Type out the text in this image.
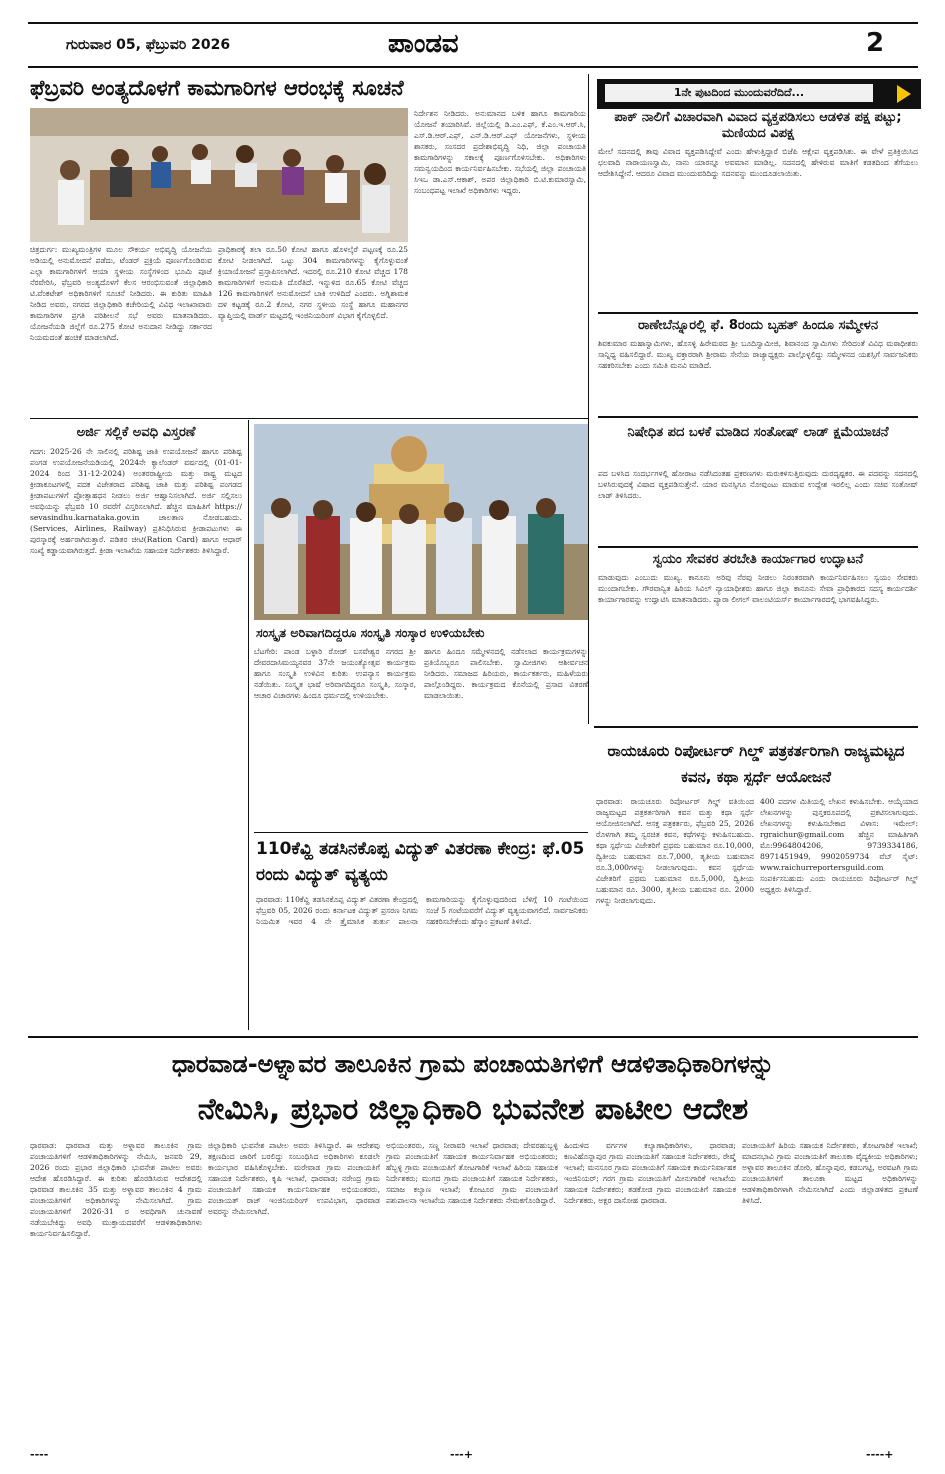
ಗುರುವಾರ 05, ಫೆಬ್ರುವರಿ 2026	ಪಾಂಡವ	2
ಫೆಬ್ರವರಿ ಅಂತ್ಯದೊಳಗೆ ಕಾಮಗಾರಿಗಳ ಆರಂಭಕ್ಕೆ ಸೂಚನೆ

ಚಿತ್ರದುರ್ಗ: ಮುಖ್ಯಮಂತ್ರಿಗಳ ಮೂಲ ಸೌಕರ್ಯ ಅಭಿವೃದ್ಧಿ ಯೋಜನೆಯ ಅಡಿಯಲ್ಲಿ ಅನುಮೋದನೆ ಪಡೆದು, ಟೆಂಡರ್ ಪ್ರಕ್ರಿಯೆ ಪೂರ್ಣಗೊಂಡಿರುವ ಎಲ್ಲಾ ಕಾಮಗಾರಿಗಳಿಗೆ ಆಯಾ ಸ್ಥಳೀಯ ಸಂಸ್ಥೆಗಳಿಂದ ಭೂಮಿ ಪೂಜೆ ನೆರವೇರಿಸಿ, ಫೆಬ್ರವರಿ ಅಂತ್ಯದೊಳಗೆ ಕೆಲಸ ಆರಂಭಿಸುವಂತೆ ಜಿಲ್ಲಾಧಿಕಾರಿ ಟಿ.ವೆಂಕಟೇಶ್ ಅಧಿಕಾರಿಗಳಿಗೆ ಸೂಚನೆ ನೀಡಿದರು. ಈ ಕುರಿತು ಮಾಹಿತಿ ನೀಡಿದ ಅವರು, ನಗರದ ಜಿಲ್ಲಾಧಿಕಾರಿ ಕಚೇರಿಯಲ್ಲಿ ವಿವಿಧ ಇಲಾಖಾವಾರು ಕಾಮಗಾರಿಗಳ ಪ್ರಗತಿ ಪರಿಶೀಲನೆ ಸಭೆ ಅವರು ಮಾತನಾಡಿದರು. ಯೋಜನೆಯಡಿ ಜಿಲ್ಲೆಗೆ ರೂ.275 ಕೋಟಿ ಅನುದಾನ ನೀಡಿದ್ದು ಸರ್ಕಾರದ ನಿಯಮದಂತೆ ಹಂಚಿಕೆ ಮಾಡಲಾಗಿದೆ.

ಪ್ರಾಧಿಕಾರಕ್ಕೆ ತಲಾ ರೂ.50 ಕೋಟಿ ಹಾಗೂ ಹೊಳಲ್ಕೆರೆ ಪಟ್ಟಣಕ್ಕೆ ರೂ.25 ಕೋಟಿ ನೀಡಲಾಗಿದೆ. ಒಟ್ಟು 304 ಕಾಮಗಾರಿಗಳನ್ನು ಕೈಗೊಳ್ಳುವಂತೆ ಕ್ರಿಯಾಯೋಜನೆ ಪ್ರಸ್ತಾಪಿಸಲಾಗಿದೆ. ಇದರಲ್ಲಿ ರೂ.210 ಕೋಟಿ ವೆಚ್ಚದ 178 ಕಾಮಗಾರಿಗಳಿಗೆ ಅನುಮತಿ ದೊರೆತಿದೆ. ಇನ್ನುಳಿದ ರೂ.65 ಕೋಟಿ ವೆಚ್ಚದ 126 ಕಾಮಗಾರಿಗಳಿಗೆ ಅನುಮೋದನೆ ಬಾಕಿ ಉಳಿದಿದೆ ಎಂದರು. ಅಗ್ನಿಶಾಮಕ ದಳ ಕಟ್ಟಡಕ್ಕೆ ರೂ.2 ಕೋಟಿ, ನಗರ ಸ್ಥಳೀಯ ಸಂಸ್ಥೆ ಹಾಗೂ ಮಹಾನಗರ ವ್ಯಾಪ್ತಿಯಲ್ಲಿ ವಾರ್ಡ್ ಮಟ್ಟದಲ್ಲಿ ಇಂಜಿನಿಯರಿಂಗ್ ವಿಭಾಗ ಕೈಗೊಳ್ಳಲಿದೆ.

ನಿರ್ದೇಶನ ನೀಡಿದರು. ಅನುಮಾನದ ಬಳಿಕ ಹಾಗೂ ಕಾಮಗಾರಿಯ ಯೋಜನೆ ತಯಾರಿಸಿವೆ. ಜಿಲ್ಲೆಯಲ್ಲಿ ಡಿ.ಎಂ.ಎಫ್, ಕೆ.ಎಂ.ಇ.ಆರ್.ಸಿ, ಎಸ್.ಡಿ.ಆರ್.ಎಫ್, ಎನ್.ಡಿ.ಆರ್.ಎಫ್ ಯೋಜನೆಗಳು, ಸ್ಥಳೀಯ ಶಾಸಕರು, ಸಂಸದರ ಪ್ರದೇಶಾಭಿವೃದ್ಧಿ ನಿಧಿ, ಜಿಲ್ಲಾ ಪಂಚಾಯತಿ ಕಾಮಗಾರಿಗಳನ್ನು ಸಕಾಲಕ್ಕೆ ಪೂರ್ಣಗೊಳಿಸಬೇಕು. ಅಧಿಕಾರಿಗಳು ಸಮನ್ವಯದಿಂದ ಕಾರ್ಯನಿರ್ವಹಿಸಬೇಕು. ಸಭೆಯಲ್ಲಿ ಜಿಲ್ಲಾ ಪಂಚಾಯತಿ ಸಿಇಒ ಡಾ.ಎಸ್.ಆಕಾಶ್, ಅಪರ ಜಿಲ್ಲಾಧಿಕಾರಿ ಬಿ.ಟಿ.ಕುಮಾರಸ್ವಾಮಿ, ಸಂಬಂಧಪಟ್ಟ ಇಲಾಖೆ ಅಧಿಕಾರಿಗಳು ಇದ್ದರು.

1ನೇ ಪುಟದಿಂದ ಮುಂದುವರೆದಿದೆ...
ಪಾಕ್ ನಾಲಿಗೆ ವಿಚಾರವಾಗಿ ವಿವಾದ ವ್ಯಕ್ತಪಡಿಸಲು ಆಡಳಿತ ಪಕ್ಷ ಪಟ್ಟು; ಮಣಿಯದ ವಿಪಕ್ಷ

ಮೇಲೆ ಸದನದಲ್ಲಿ ತಾವು ವಿವಾದ ವ್ಯಕ್ತಪಡಿಸಿದ್ದೇವೆ ಎಂದು ಹೇಳುತ್ತಿದ್ದಾರೆ ಬಿಜೆಪಿ ಆಕ್ಷೇಪ ವ್ಯಕ್ತಪಡಿಸಿತು. ಈ ವೇಳೆ ಪ್ರತಿಕ್ರಿಯಿಸಿದ ಛಲವಾದಿ ನಾರಾಯಣಸ್ವಾಮಿ, ನಾನು ಯಾರನ್ನೂ ಅವಮಾನ ಮಾಡಿಲ್ಲ. ಸದನದಲ್ಲಿ ಹೇಳಿರುವ ಮಾತಿಗೆ ಕಡತದಿಂದ ತೆಗೆಯಲು ಆದೇಶಿಸಿದ್ದೇನೆ. ಆದರೂ ವಿವಾದ ಮುಂದುವರಿದಿದ್ದು ಸದನವನ್ನು ಮುಂದೂಡಲಾಯಿತು.

ರಾಣೇಬೆನ್ನೂರಲ್ಲಿ ಫೆ. 8ರಂದು ಬೃಹತ್ ಹಿಂದೂ ಸಮ್ಮೇಳನ

ಶಿವಕುಮಾರ ಮಹಾಸ್ವಾಮಿಗಳು, ಹೊಸಳ್ಳಿ ಹಿರೇಮಠದ ಶ್ರೀ ಬೂದಿಸ್ವಾಮೀಜಿ, ಶಿವಾನಂದ ಸ್ವಾಮಿಗಳು ಸೇರಿದಂತೆ ವಿವಿಧ ಮಠಾಧೀಶರು ಸಾನ್ನಿಧ್ಯ ವಹಿಸಲಿದ್ದಾರೆ. ಮುಖ್ಯ ವಕ್ತಾರರಾಗಿ ಶ್ರೀರಾಮ ಸೇನೆಯ ರಾಜ್ಯಾಧ್ಯಕ್ಷರು ಪಾಲ್ಗೊಳ್ಳಲಿದ್ದು ಸಮ್ಮೇಳನದ ಯಶಸ್ಸಿಗೆ ಸಾರ್ವಜನಿಕರು ಸಹಕರಿಸಬೇಕು ಎಂದು ಸಮಿತಿ ಮನವಿ ಮಾಡಿದೆ.

ನಿಷೇಧಿತ ಪದ ಬಳಕೆ ಮಾಡಿದ ಸಂತೋಷ್ ಲಾಡ್ ಕ್ಷಮೆಯಾಚನೆ

ಪದ ಬಳಸಿದ ಸಂದರ್ಭಗಳಲ್ಲಿ ಹೋರಾಟ ನಡೆಸಿದಂತಹ ಪ್ರಕರಣಗಳು ಮರುಕಳಿಸುತ್ತಿರುವುದು ದುರದೃಷ್ಟಕರ. ಈ ಪದವನ್ನು ಸದನದಲ್ಲಿ ಬಳಸಿರುವುದಕ್ಕೆ ವಿಷಾದ ವ್ಯಕ್ತಪಡಿಸುತ್ತೇನೆ. ಯಾರ ಮನಸ್ಸಿಗೂ ನೋವುಂಟು ಮಾಡುವ ಉದ್ದೇಶ ಇರಲಿಲ್ಲ ಎಂದು ಸಚಿವ ಸಂತೋಷ್ ಲಾಡ್ ತಿಳಿಸಿದರು.

ಸ್ವಯಂ ಸೇವಕರ ತರಬೇತಿ ಕಾರ್ಯಾಗಾರ ಉದ್ಘಾಟನೆ

ಮಾಡುವುದು ಎಂಬುದು ಮುಖ್ಯ. ಕಾನೂನು ಅರಿವು ನೆರವು ನೀಡಲು ನಿರಂತರವಾಗಿ ಕಾರ್ಯನಿರ್ವಹಿಸಲು ಸ್ವಯಂ ಸೇವಕರು ಮುಂದಾಗಬೇಕು. ಗೌರವಾನ್ವಿತ ಹಿರಿಯ ಸಿವಿಲ್ ನ್ಯಾಯಾಧೀಶರು ಹಾಗೂ ಜಿಲ್ಲಾ ಕಾನೂನು ಸೇವಾ ಪ್ರಾಧಿಕಾರದ ಸದಸ್ಯ ಕಾರ್ಯದರ್ಶಿ ಕಾರ್ಯಾಗಾರವನ್ನು ಉದ್ಘಾಟಿಸಿ ಮಾತನಾಡಿದರು. ಪ್ಯಾರಾ ಲೀಗಲ್ ವಾಲಂಟಿಯರ್ಸ್ ಕಾರ್ಯಾಗಾರದಲ್ಲಿ ಭಾಗವಹಿಸಿದ್ದರು.

ಅರ್ಜಿ ಸಲ್ಲಿಕೆ ಅವಧಿ ವಿಸ್ತರಣೆ

ಗದಗ: 2025-26 ನೇ ಸಾಲಿನಲ್ಲಿ ಪರಿಶಿಷ್ಟ ಜಾತಿ ಉಪಯೋಜನೆ ಹಾಗೂ ಪರಿಶಿಷ್ಟ ಪಂಗಡ ಉಪಯೋಜನೆಯಡಿಯಲ್ಲಿ 2024ನೇ ಕ್ಯಾಲೆಂಡರ್ ವರ್ಷದಲ್ಲಿ (01-01-2024 ರಿಂದ 31-12-2024) ಅಂತರರಾಷ್ಟ್ರೀಯ ಮತ್ತು ರಾಷ್ಟ್ರ ಮಟ್ಟದ ಕ್ರೀಡಾಕೂಟಗಳಲ್ಲಿ ಪದಕ ವಿಜೇತರಾದ ಪರಿಶಿಷ್ಟ ಜಾತಿ ಮತ್ತು ಪರಿಶಿಷ್ಟ ಪಂಗಡದ ಕ್ರೀಡಾಪಟುಗಳಿಗೆ ಪ್ರೋತ್ಸಾಹಧನ ನೀಡಲು ಅರ್ಜಿ ಆಹ್ವಾನಿಸಲಾಗಿದೆ. ಅರ್ಜಿ ಸಲ್ಲಿಸಲು ಅವಧಿಯನ್ನು ಫೆಬ್ರವರಿ 10 ರವರೆಗೆ ವಿಸ್ತರಿಸಲಾಗಿದೆ. ಹೆಚ್ಚಿನ ಮಾಹಿತಿಗೆ https:// sevasindhu.karnataka.gov.in ಜಾಲತಾಣ ನೋಡಬಹುದು. (Services, Airlines, Railway) ಪ್ರತಿನಿಧಿಸಿರುವ ಕ್ರೀಡಾಪಟುಗಳು ಈ ಪುರಸ್ಕಾರಕ್ಕೆ ಅರ್ಹರಾಗಿರುತ್ತಾರೆ. ಪಡಿತರ ಚೀಟಿ(Ration Card) ಹಾಗೂ ಆಧಾರ್ ಸಂಖ್ಯೆ ಕಡ್ಡಾಯವಾಗಿರುತ್ತದೆ. ಕ್ರೀಡಾ ಇಲಾಖೆಯ ಸಹಾಯಕ ನಿರ್ದೇಶಕರು ತಿಳಿಸಿದ್ದಾರೆ.

ಸಂಸ್ಕೃತ ಅರಿವಾಗದಿದ್ದರೂ ಸಂಸ್ಕೃತಿ ಸಂಸ್ಕಾರ ಉಳಿಯಬೇಕು

ಬೆಟಗೇರಿ: ಪಾಂಡ ಬಳ್ಳಾರಿ ರೋಡ್ ಬಸವೇಶ್ವರ ನಗರದ ಶ್ರೀ ದೇವರದಾಸಿಮಯ್ಯನವರ 37ನೇ ಜಯಂತ್ಯೋತ್ಸವ ಕಾರ್ಯಕ್ರಮ ಹಾಗೂ ಸಂಸ್ಕೃತಿ ಉಳಿವಿನ ಕುರಿತು ಉಪನ್ಯಾಸ ಕಾರ್ಯಕ್ರಮ ನಡೆಯಿತು. ಸಂಸ್ಕೃತ ಭಾಷೆ ಅರಿವಾಗದಿದ್ದರೂ ಸಂಸ್ಕೃತಿ, ಸಂಸ್ಕಾರ, ಆಚಾರ ವಿಚಾರಗಳು ಹಿಂದೂ ಧರ್ಮದಲ್ಲಿ ಉಳಿಯಬೇಕು.

ಹಾಗೂ ಹಿಂದೂ ಸಮ್ಮೇಳನದಲ್ಲಿ ನಡೆಸಲಾದ ಕಾರ್ಯಕ್ರಮಗಳನ್ನು ಪ್ರತಿಯೊಬ್ಬರೂ ಪಾಲಿಸಬೇಕು. ಸ್ವಾಮೀಜಿಗಳು ಆಶೀರ್ವಚನ ನೀಡಿದರು. ಸಮಾಜದ ಹಿರಿಯರು, ಕಾರ್ಯಕರ್ತರು, ಮಹಿಳೆಯರು ಪಾಲ್ಗೊಂಡಿದ್ದರು. ಕಾರ್ಯಕ್ರಮದ ಕೊನೆಯಲ್ಲಿ ಪ್ರಸಾದ ವಿತರಣೆ ಮಾಡಲಾಯಿತು.

110ಕೆವ್ಹಿ ತಡಸಿನಕೊಪ್ಪ ವಿದ್ಯುತ್ ವಿತರಣಾ ಕೇಂದ್ರ: ಫೆ.05 ರಂದು ವಿದ್ಯುತ್ ವ್ಯತ್ಯಯ

ಧಾರವಾಡ: 110ಕೆವ್ಹಿ ತಡಸಿನಕೊಪ್ಪ ವಿದ್ಯುತ್ ವಿತರಣಾ ಕೇಂದ್ರದಲ್ಲಿ ಫೆಬ್ರವರಿ 05, 2026 ರಂದು ಕರ್ನಾಟಕ ವಿದ್ಯುತ್ ಪ್ರಸರಣ ನಿಗಮ ನಿಯಮಿತ ಇವರ 4 ನೇ ತ್ರೈಮಾಸಿಕ ತುರ್ತು ಪಾಲನಾ ಕಾಮಗಾರಿಯನ್ನು ಕೈಗೊಳ್ಳುವುದರಿಂದ ಬೆಳಿಗ್ಗೆ 10 ಗಂಟೆಯಿಂದ ಸಂಜೆ 5 ಗಂಟೆಯವರೆಗೆ ವಿದ್ಯುತ್ ವ್ಯತ್ಯಯವಾಗಲಿದೆ. ಸಾರ್ವಜನಿಕರು ಸಹಕರಿಸಬೇಕೆಂದು ಹೆಸ್ಕಾಂ ಪ್ರಕಟಣೆ ತಿಳಿಸಿದೆ.

ರಾಯಚೂರು ರಿಪೋರ್ಟರ್ ಗಿಲ್ಡ್ ಪತ್ರಕರ್ತರಿಗಾಗಿ ರಾಜ್ಯಮಟ್ಟದ ಕವನ, ಕಥಾ ಸ್ಪರ್ಧೆ ಆಯೋಜನೆ

ಧಾರವಾಡ: ರಾಯಚೂರು ರಿಪೋರ್ಟರ್ ಗಿಲ್ಡ್ ವತಿಯಿಂದ ರಾಜ್ಯಮಟ್ಟದ ಪತ್ರಕರ್ತರಿಗಾಗಿ ಕವನ ಮತ್ತು ಕಥಾ ಸ್ಪರ್ಧೆ ಆಯೋಜಿಸಲಾಗಿದೆ. ಆಸಕ್ತ ಪತ್ರಕರ್ತರು, ಫೆಬ್ರವರಿ 25, 2026 ರೊಳಗಾಗಿ ತಮ್ಮ ಸ್ವರಚಿತ ಕವನ, ಕಥೆಗಳನ್ನು ಕಳುಹಿಸಬಹುದು. ಕಥಾ ಸ್ಪರ್ಧೆಯ ವಿಜೇತರಿಗೆ ಪ್ರಥಮ ಬಹುಮಾನ ರೂ.10,000, ದ್ವಿತೀಯ ಬಹುಮಾನ ರೂ.7,000, ತೃತೀಯ ಬಹುಮಾನ ರೂ.3,000ಗಳನ್ನು ನೀಡಲಾಗುವುದು. ಕವನ ಸ್ಪರ್ಧೆಯ ವಿಜೇತರಿಗೆ ಪ್ರಥಮ ಬಹುಮಾನ ರೂ.5,000, ದ್ವಿತೀಯ ಬಹುಮಾನ ರೂ. 3000, ತೃತೀಯ ಬಹುಮಾನ ರೂ. 2000 ಗಳನ್ನು ನೀಡಲಾಗುವುದು.

400 ಪದಗಳ ಮಿತಿಯಲ್ಲಿ ಲೇಖನ ಕಳುಹಿಸಬೇಕು. ಆಯ್ಕೆಯಾದ ಲೇಖನಗಳನ್ನು ಪುಸ್ತಕರೂಪದಲ್ಲಿ ಪ್ರಕಟಿಸಲಾಗುವುದು. ಲೇಖನಗಳನ್ನು ಕಳುಹಿಸಬೇಕಾದ ವಿಳಾಸ: ಇಮೇಲ್: rgraichur@gmail.com ಹೆಚ್ಚಿನ ಮಾಹಿತಿಗಾಗಿ ಮೊ:9964804206, 9739334186, 8971451949, 9902059734 ವೆಬ್ ಸೈಟ್: www.raichurreportersguild.com ಸಂಪರ್ಕಿಸಬಹುದು ಎಂದು ರಾಯಚೂರು ರಿಪೋರ್ಟರ್ ಗಿಲ್ಡ್ ಅಧ್ಯಕ್ಷರು ತಿಳಿಸಿದ್ದಾರೆ.

ಧಾರವಾಡ-ಅಳ್ನಾವರ ತಾಲೂಕಿನ ಗ್ರಾಮ ಪಂಚಾಯತಿಗಳಿಗೆ ಆಡಳಿತಾಧಿಕಾರಿಗಳನ್ನು
ನೇಮಿಸಿ, ಪ್ರಭಾರ ಜಿಲ್ಲಾಧಿಕಾರಿ ಭುವನೇಶ ಪಾಟೀಲ ಆದೇಶ

ಧಾರವಾಡ: ಧಾರವಾಡ ಮತ್ತು ಅಳ್ನಾವರ ತಾಲೂಕಿನ ಗ್ರಾಮ ಪಂಚಾಯತಿಗಳಿಗೆ ಆಡಳಿತಾಧಿಕಾರಿಗಳನ್ನು ನೇಮಿಸಿ, ಜನವರಿ 29, 2026 ರಂದು ಪ್ರಭಾರ ಜಿಲ್ಲಾಧಿಕಾರಿ ಭುವನೇಶ ಪಾಟೀಲ ಅವರು ಆದೇಶ ಹೊರಡಿಸಿದ್ದಾರೆ. ಈ ಕುರಿತು ಹೊರಡಿಸಿರುವ ಆದೇಶದಲ್ಲಿ ಧಾರವಾಡ ತಾಲೂಕಿನ 35 ಮತ್ತು ಅಳ್ನಾವರ ತಾಲೂಕಿನ 4 ಗ್ರಾಮ ಪಂಚಾಯತಿಗಳಿಗೆ ಅಧಿಕಾರಿಗಳನ್ನು ನೇಮಿಸಲಾಗಿದೆ. ಗ್ರಾಮ ಪಂಚಾಯತಿಗಳಿಗೆ 2026-31 ರ ಅವಧಿಗಾಗಿ ಚುನಾವಣೆ ನಡೆಯಬೇಕಿದ್ದು ಅವಧಿ ಮುಕ್ತಾಯದವರೆಗೆ ಆಡಳಿತಾಧಿಕಾರಿಗಳು ಕಾರ್ಯನಿರ್ವಹಿಸಲಿದ್ದಾರೆ.

ಜಿಲ್ಲಾಧಿಕಾರಿ ಭುವನೇಶ ಪಾಟೀಲ ಅವರು ತಿಳಿಸಿದ್ದಾರೆ. ಈ ಆದೇಶವು ತಕ್ಷಣದಿಂದ ಜಾರಿಗೆ ಬರಲಿದ್ದು ಸಂಬಂಧಿಸಿದ ಅಧಿಕಾರಿಗಳು ಕೂಡಲೇ ಕಾರ್ಯಭಾರ ವಹಿಸಿಕೊಳ್ಳಬೇಕು. ಮರೇವಾಡ ಗ್ರಾಮ ಪಂಚಾಯತಿಗೆ ಸಹಾಯಕ ನಿರ್ದೇಶಕರು, ಕೃಷಿ ಇಲಾಖೆ, ಧಾರವಾಡ; ನರೇಂದ್ರ ಗ್ರಾಮ ಪಂಚಾಯತಿಗೆ ಸಹಾಯಕ ಕಾರ್ಯನಿರ್ವಾಹಕ ಅಭಿಯಂತರರು, ಪಂಚಾಯತ್ ರಾಜ್ ಇಂಜಿನಿಯರಿಂಗ್ ಉಪವಿಭಾಗ, ಧಾರವಾಡ ಅವರನ್ನು ನೇಮಿಸಲಾಗಿದೆ.

ಅಭಿಯಂತರರು, ಸಣ್ಣ ನೀರಾವರಿ ಇಲಾಖೆ ಧಾರವಾಡ; ದೇವರಹುಬ್ಬಳ್ಳಿ ಗ್ರಾಮ ಪಂಚಾಯತಿಗೆ ಸಹಾಯಕ ಕಾರ್ಯನಿರ್ವಾಹಕ ಅಭಿಯಂತರರು; ಹೆಬ್ಬಳ್ಳಿ ಗ್ರಾಮ ಪಂಚಾಯತಿಗೆ ತೋಟಗಾರಿಕೆ ಇಲಾಖೆ ಹಿರಿಯ ಸಹಾಯಕ ನಿರ್ದೇಶಕರು; ಮುಗದ ಗ್ರಾಮ ಪಂಚಾಯತಿಗೆ ಸಹಾಯಕ ನಿರ್ದೇಶಕರು, ಸಮಾಜ ಕಲ್ಯಾಣ ಇಲಾಖೆ; ಕೋಟೂರ ಗ್ರಾಮ ಪಂಚಾಯತಿಗೆ ಪಶುಪಾಲನಾ ಇಲಾಖೆಯ ಸಹಾಯಕ ನಿರ್ದೇಶಕರು ನೇಮಕಗೊಂಡಿದ್ದಾರೆ.

ಹಿಂದುಳಿದ ವರ್ಗಗಳ ಕಲ್ಯಾಣಾಧಿಕಾರಿಗಳು, ಧಾರವಾಡ; ಕಣವಿಹೊನ್ನಾಪುರ ಗ್ರಾಮ ಪಂಚಾಯತಿಗೆ ಸಹಾಯಕ ನಿರ್ದೇಶಕರು, ರೇಷ್ಮೆ ಇಲಾಖೆ; ಮನಸೂರ ಗ್ರಾಮ ಪಂಚಾಯತಿಗೆ ಸಹಾಯಕ ಕಾರ್ಯನಿರ್ವಾಹಕ ಇಂಜಿನಿಯರ್; ಗರಗ ಗ್ರಾಮ ಪಂಚಾಯತಿಗೆ ಮೀನುಗಾರಿಕೆ ಇಲಾಖೆಯ ಸಹಾಯಕ ನಿರ್ದೇಶಕರು; ತಡಕೋಡ ಗ್ರಾಮ ಪಂಚಾಯತಿಗೆ ಸಹಾಯಕ ನಿರ್ದೇಶಕರು, ಅಕ್ಷರ ದಾಸೋಹ ಧಾರವಾಡ.

ಪಂಚಾಯತಿಗೆ ಹಿರಿಯ ಸಹಾಯಕ ನಿರ್ದೇಶಕರು, ತೋಟಗಾರಿಕೆ ಇಲಾಖೆ; ಮಾದನಭಾವಿ ಗ್ರಾಮ ಪಂಚಾಯತಿಗೆ ತಾಲೂಕಾ ವೈದ್ಯಕೀಯ ಅಧಿಕಾರಿಗಳು; ಅಳ್ನಾವರ ತಾಲೂಕಿನ ಡೋರಿ, ಹೊನ್ನಾಪುರ, ಕಡಬಗಟ್ಟಿ, ಅರವಟಗಿ ಗ್ರಾಮ ಪಂಚಾಯತಿಗಳಿಗೆ ತಾಲೂಕಾ ಮಟ್ಟದ ಅಧಿಕಾರಿಗಳನ್ನು ಆಡಳಿತಾಧಿಕಾರಿಗಳಾಗಿ ನೇಮಿಸಲಾಗಿದೆ ಎಂದು ಜಿಲ್ಲಾಡಳಿತದ ಪ್ರಕಟಣೆ ತಿಳಿಸಿದೆ.

----	---+	----+
